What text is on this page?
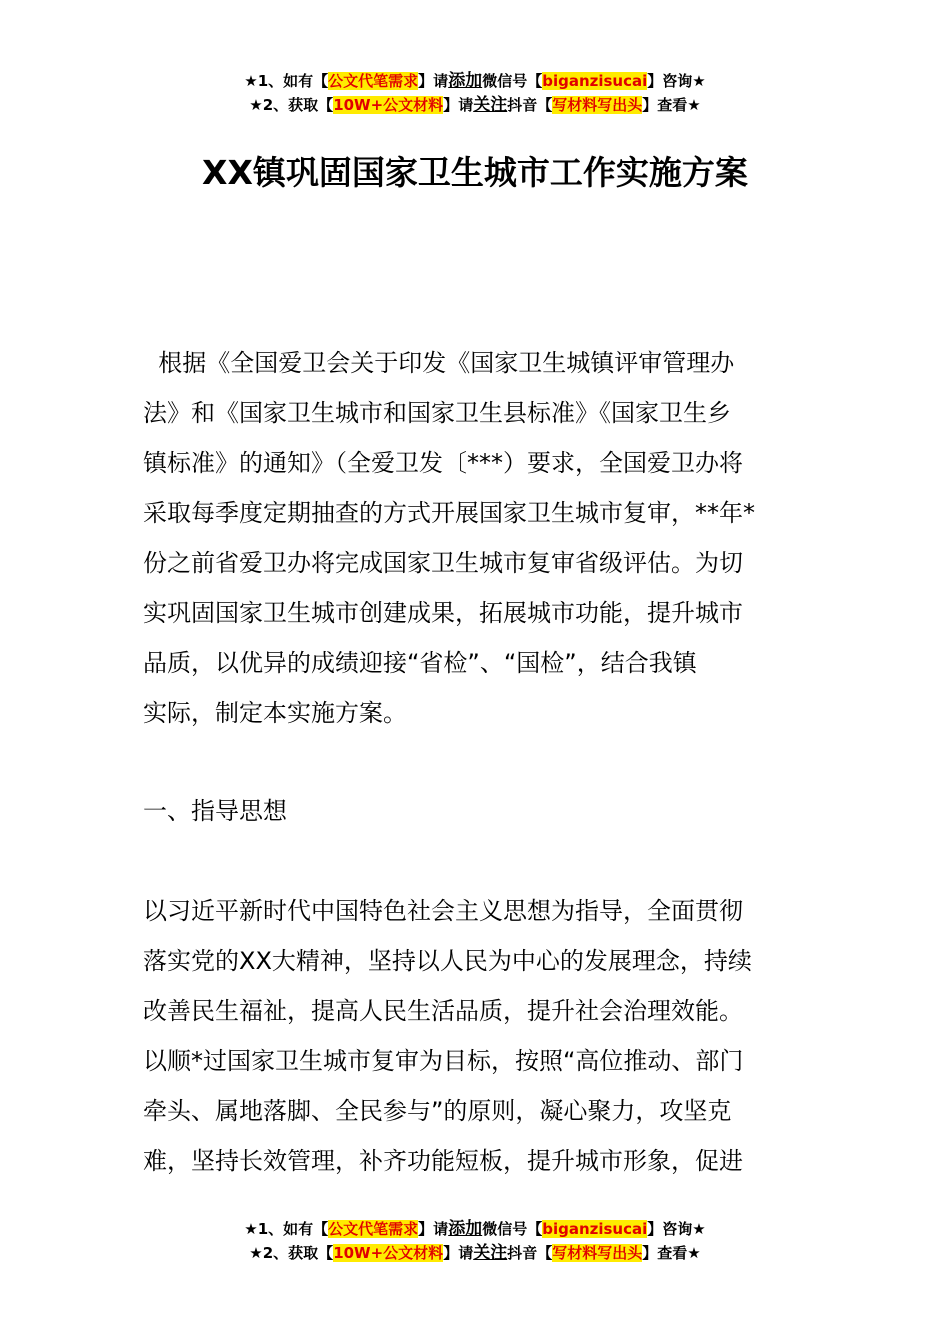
★1、如有【公文代笔需求】请添加微信号【biganzisucai】咨询★
★2、获取【10W+公文材料】请关注抖音【写材料写出头】查看★
XX镇巩固国家卫生城市工作实施方案
根据《全国爱卫会关于印发《国家卫生城镇评审管理办
法》和《国家卫生城市和国家卫生县标准》《国家卫生乡
镇标准》的通知》（全爱卫发〔***）要求，全国爱卫办将
采取每季度定期抽查的方式开展国家卫生城市复审，**年*
份之前省爱卫办将完成国家卫生城市复审省级评估。为切
实巩固国家卫生城市创建成果，拓展城市功能，提升城市
品质，以优异的成绩迎接“省检”、“国检”，结合我镇
实际，制定本实施方案。
一、指导思想
以习近平新时代中国特色社会主义思想为指导，全面贯彻
落实党的XX大精神，坚持以人民为中心的发展理念，持续
改善民生福祉，提高人民生活品质，提升社会治理效能。
以顺*过国家卫生城市复审为目标，按照“高位推动、部门
牵头、属地落脚、全民参与”的原则，凝心聚力，攻坚克
难，坚持长效管理，补齐功能短板，提升城市形象，促进
★1、如有【公文代笔需求】请添加微信号【biganzisucai】咨询★
★2、获取【10W+公文材料】请关注抖音【写材料写出头】查看★
